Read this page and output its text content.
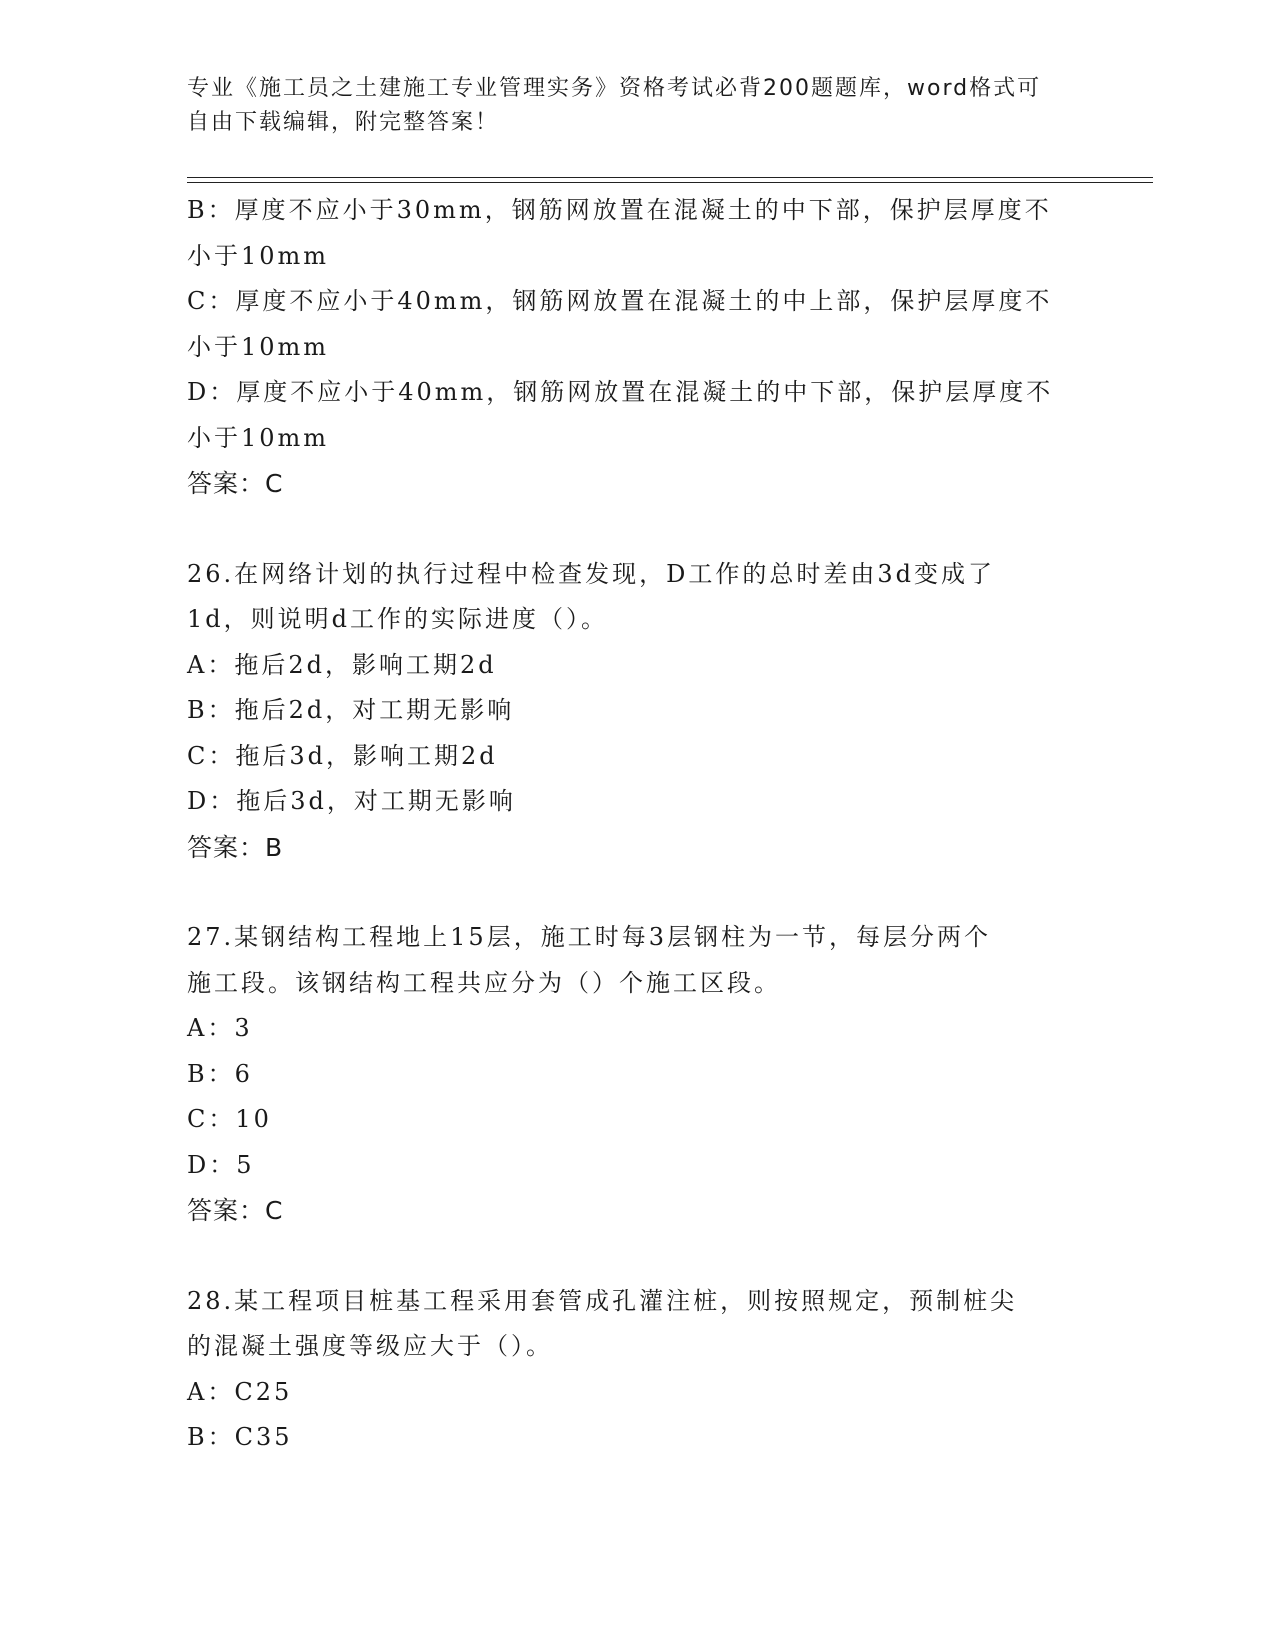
专业《施工员之土建施工专业管理实务》资格考试必背200题题库，word格式可
自由下载编辑，附完整答案！
B：厚度不应小于30mm，钢筋网放置在混凝土的中下部，保护层厚度不
小于10mm
C：厚度不应小于40mm，钢筋网放置在混凝土的中上部，保护层厚度不
小于10mm
D：厚度不应小于40mm，钢筋网放置在混凝土的中下部，保护层厚度不
小于10mm
答案：C
26.在网络计划的执行过程中检查发现，D工作的总时差由3d变成了
1d，则说明d工作的实际进度（）。
A：拖后2d，影响工期2d
B：拖后2d，对工期无影响
C：拖后3d，影响工期2d
D：拖后3d，对工期无影响
答案：B
27.某钢结构工程地上15层，施工时每3层钢柱为一节，每层分两个
施工段。该钢结构工程共应分为（）个施工区段。
A：3
B：6
C：10
D：5
答案：C
28.某工程项目桩基工程采用套管成孔灌注桩，则按照规定，预制桩尖
的混凝土强度等级应大于（）。
A：C25
B：C35
